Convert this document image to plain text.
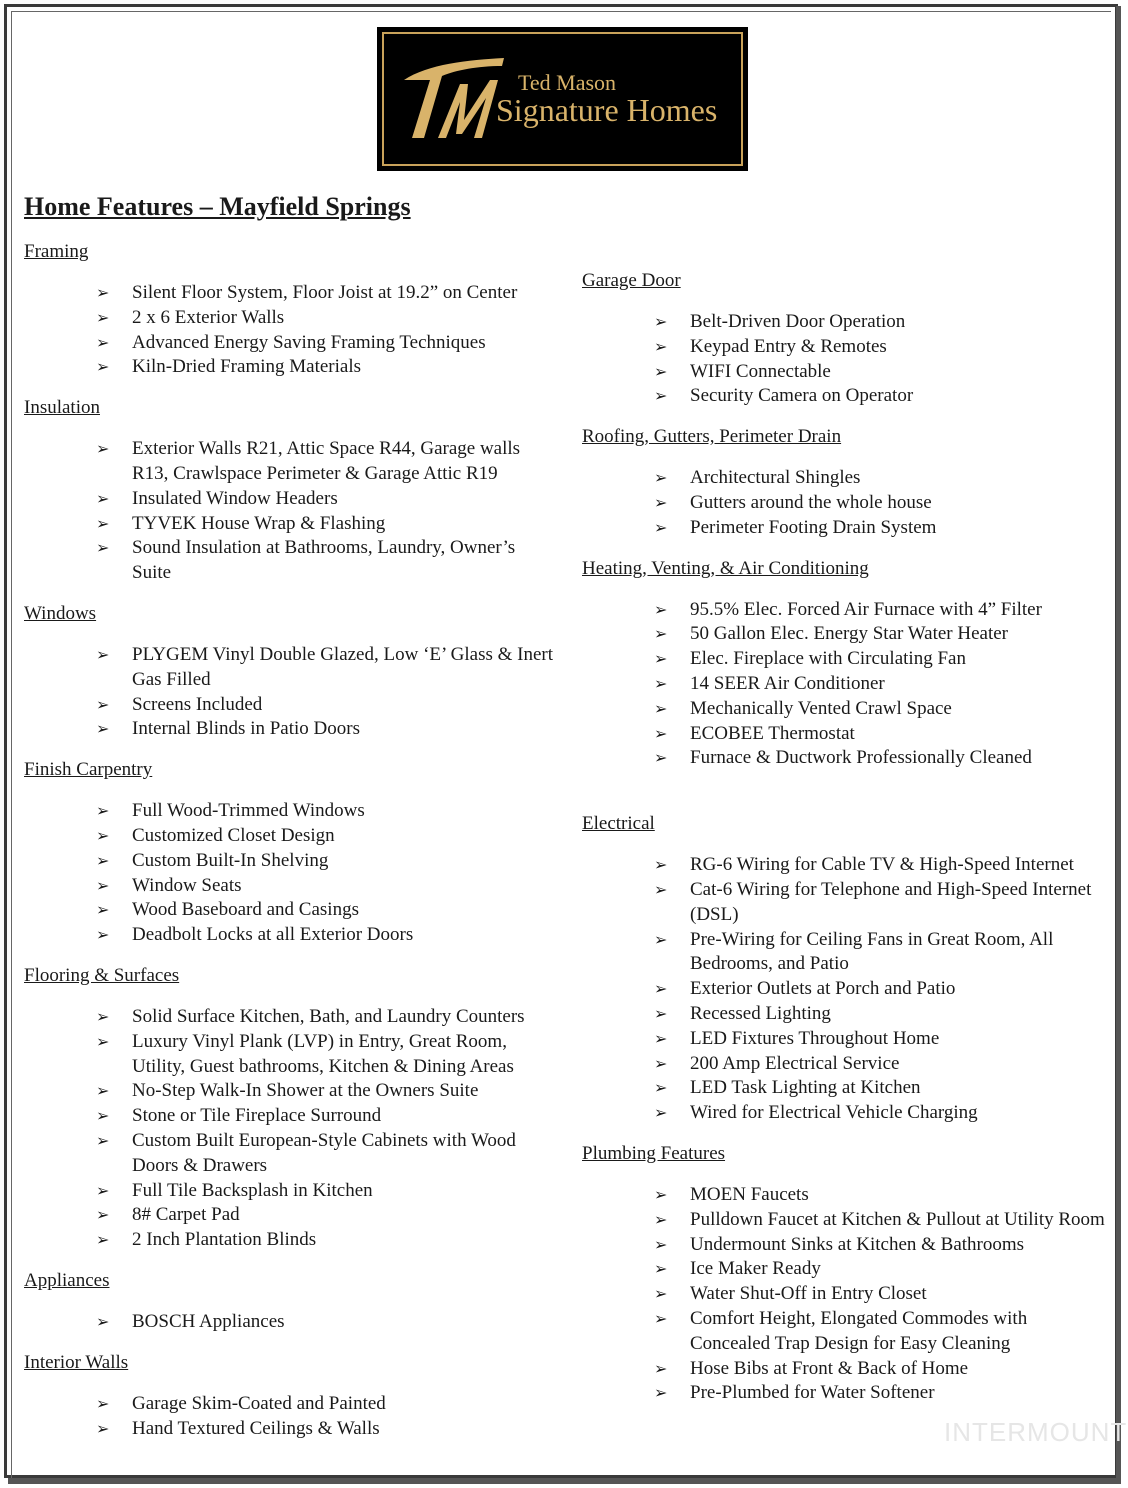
TM
Ted Mason
Signature Homes
Home Features – Mayfield Springs
Framing
➢ Silent Floor System, Floor Joist at 19.2” on Center
➢ 2 x 6 Exterior Walls
➢ Advanced Energy Saving Framing Techniques
➢ Kiln-Dried Framing Materials
Insulation
➢ Exterior Walls R21, Attic Space R44, Garage walls R13, Crawlspace Perimeter & Garage Attic R19
➢ Insulated Window Headers
➢ TYVEK House Wrap & Flashing
➢ Sound Insulation at Bathrooms, Laundry, Owner’s Suite
Windows
➢ PLYGEM Vinyl Double Glazed, Low ‘E’ Glass & Inert Gas Filled
➢ Screens Included
➢ Internal Blinds in Patio Doors
Finish Carpentry
➢ Full Wood-Trimmed Windows
➢ Customized Closet Design
➢ Custom Built-In Shelving
➢ Window Seats
➢ Wood Baseboard and Casings
➢ Deadbolt Locks at all Exterior Doors
Flooring & Surfaces
➢ Solid Surface Kitchen, Bath, and Laundry Counters
➢ Luxury Vinyl Plank (LVP) in Entry, Great Room, Utility, Guest bathrooms, Kitchen & Dining Areas
➢ No-Step Walk-In Shower at the Owners Suite
➢ Stone or Tile Fireplace Surround
➢ Custom Built European-Style Cabinets with Wood Doors & Drawers
➢ Full Tile Backsplash in Kitchen
➢ 8# Carpet Pad
➢ 2 Inch Plantation Blinds
Appliances
➢ BOSCH Appliances
Interior Walls
➢ Garage Skim-Coated and Painted
➢ Hand Textured Ceilings & Walls
Garage Door
➢ Belt-Driven Door Operation
➢ Keypad Entry & Remotes
➢ WIFI Connectable
➢ Security Camera on Operator
Roofing, Gutters, Perimeter Drain
➢ Architectural Shingles
➢ Gutters around the whole house
➢ Perimeter Footing Drain System
Heating, Venting, & Air Conditioning
➢ 95.5% Elec. Forced Air Furnace with 4” Filter
➢ 50 Gallon Elec. Energy Star Water Heater
➢ Elec. Fireplace with Circulating Fan
➢ 14 SEER Air Conditioner
➢ Mechanically Vented Crawl Space
➢ ECOBEE Thermostat
➢ Furnace & Ductwork Professionally Cleaned
Electrical
➢ RG-6 Wiring for Cable TV & High-Speed Internet
➢ Cat-6 Wiring for Telephone and High-Speed Internet (DSL)
➢ Pre-Wiring for Ceiling Fans in Great Room, All Bedrooms, and Patio
➢ Exterior Outlets at Porch and Patio
➢ Recessed Lighting
➢ LED Fixtures Throughout Home
➢ 200 Amp Electrical Service
➢ LED Task Lighting at Kitchen
➢ Wired for Electrical Vehicle Charging
Plumbing Features
➢ MOEN Faucets
➢ Pulldown Faucet at Kitchen & Pullout at Utility Room
➢ Undermount Sinks at Kitchen & Bathrooms
➢ Ice Maker Ready
➢ Water Shut-Off in Entry Closet
➢ Comfort Height, Elongated Commodes with Concealed Trap Design for Easy Cleaning
➢ Hose Bibs at Front & Back of Home
➢ Pre-Plumbed for Water Softener
INTERMOUNT
